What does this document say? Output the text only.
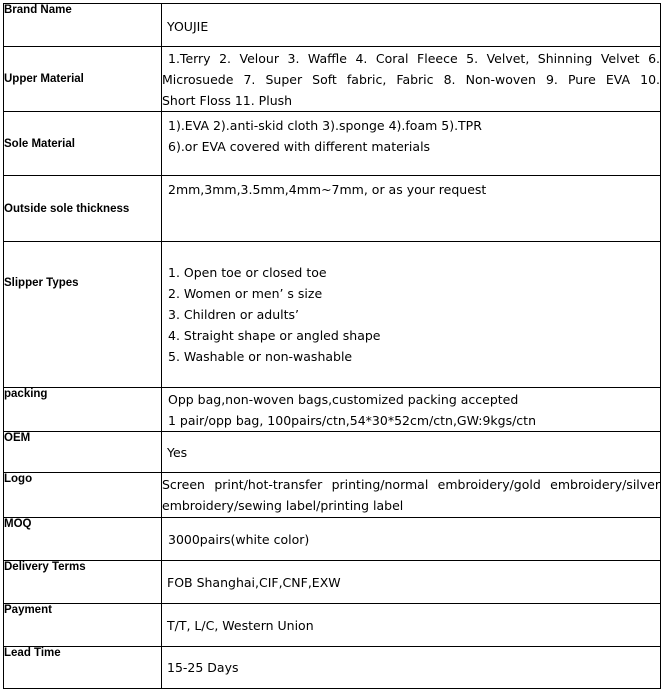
Brand Name	YOUJIE

Upper Material	1.Terry 2. Velour 3. Waffle 4. Coral Fleece 5. Velvet, Shinning Velvet 6.
Microsuede 7. Super Soft fabric, Fabric 8. Non-woven 9. Pure EVA 10.
Short Floss 11. Plush

Sole Material	1).EVA 2).anti-skid cloth 3).sponge 4).foam 5).TPR
6).or EVA covered with different materials

Outside sole thickness	2mm,3mm,3.5mm,4mm~7mm, or as your request

Slipper Types	1. Open toe or closed toe
2. Women or men’ s size
3. Children or adults’
4. Straight shape or angled shape
5. Washable or non-washable

packing	Opp bag,non-woven bags,customized packing accepted
1 pair/opp bag, 100pairs/ctn,54*30*52cm/ctn,GW:9kgs/ctn

OEM	Yes

Logo	Screen print/hot-transfer printing/normal embroidery/gold embroidery/silver
embroidery/sewing label/printing label

MOQ	3000pairs(white color)

Delivery Terms	FOB Shanghai,CIF,CNF,EXW

Payment	T/T, L/C, Western Union

Lead Time	15-25 Days
